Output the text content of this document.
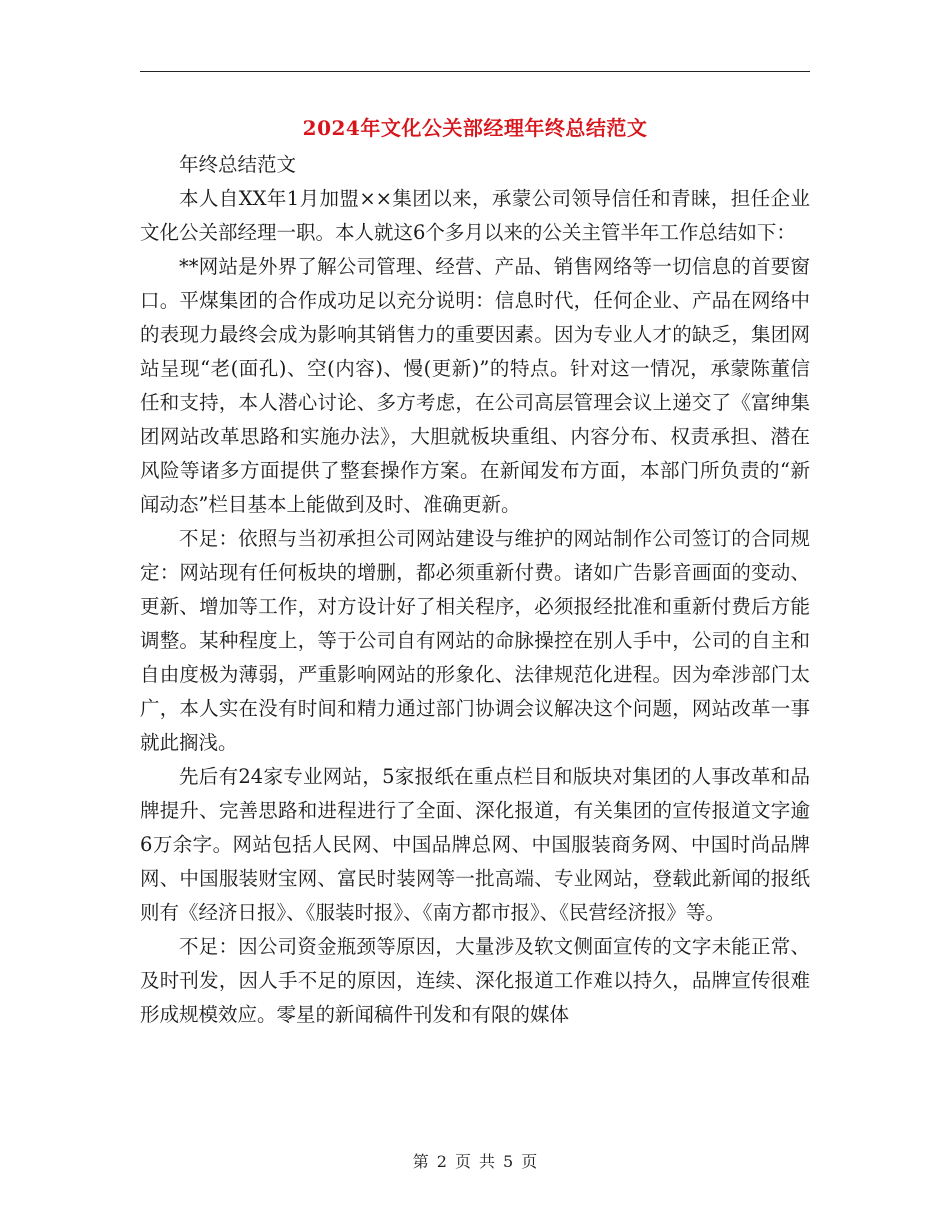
2024年文化公关部经理年终总结范文

年终总结范文

本人自XX年1月加盟××集团以来，承蒙公司领导信任和青睐，担任企业文化公关部经理一职。本人就这6个多月以来的公关主管半年工作总结如下：

**网站是外界了解公司管理、经营、产品、销售网络等一切信息的首要窗口。平煤集团的合作成功足以充分说明：信息时代，任何企业、产品在网络中的表现力最终会成为影响其销售力的重要因素。因为专业人才的缺乏，集团网站呈现“老(面孔)、空(内容)、慢(更新)”的特点。针对这一情况，承蒙陈董信任和支持，本人潜心讨论、多方考虑，在公司高层管理会议上递交了《富绅集团网站改革思路和实施办法》，大胆就板块重组、内容分布、权责承担、潜在风险等诸多方面提供了整套操作方案。在新闻发布方面，本部门所负责的“新闻动态”栏目基本上能做到及时、准确更新。

不足：依照与当初承担公司网站建设与维护的网站制作公司签订的合同规定：网站现有任何板块的增删，都必须重新付费。诸如广告影音画面的变动、更新、增加等工作，对方设计好了相关程序，必须报经批准和重新付费后方能调整。某种程度上，等于公司自有网站的命脉操控在别人手中，公司的自主和自由度极为薄弱，严重影响网站的形象化、法律规范化进程。因为牵涉部门太广，本人实在没有时间和精力通过部门协调会议解决这个问题，网站改革一事就此搁浅。

先后有24家专业网站，5家报纸在重点栏目和版块对集团的人事改革和品牌提升、完善思路和进程进行了全面、深化报道，有关集团的宣传报道文字逾6万余字。网站包括人民网、中国品牌总网、中国服装商务网、中国时尚品牌网、中国服装财宝网、富民时装网等一批高端、专业网站，登载此新闻的报纸则有《经济日报》、《服装时报》、《南方都市报》、《民营经济报》等。

不足：因公司资金瓶颈等原因，大量涉及软文侧面宣传的文字未能正常、及时刊发，因人手不足的原因，连续、深化报道工作难以持久，品牌宣传很难形成规模效应。零星的新闻稿件刊发和有限的媒体

第 2 页 共 5 页
